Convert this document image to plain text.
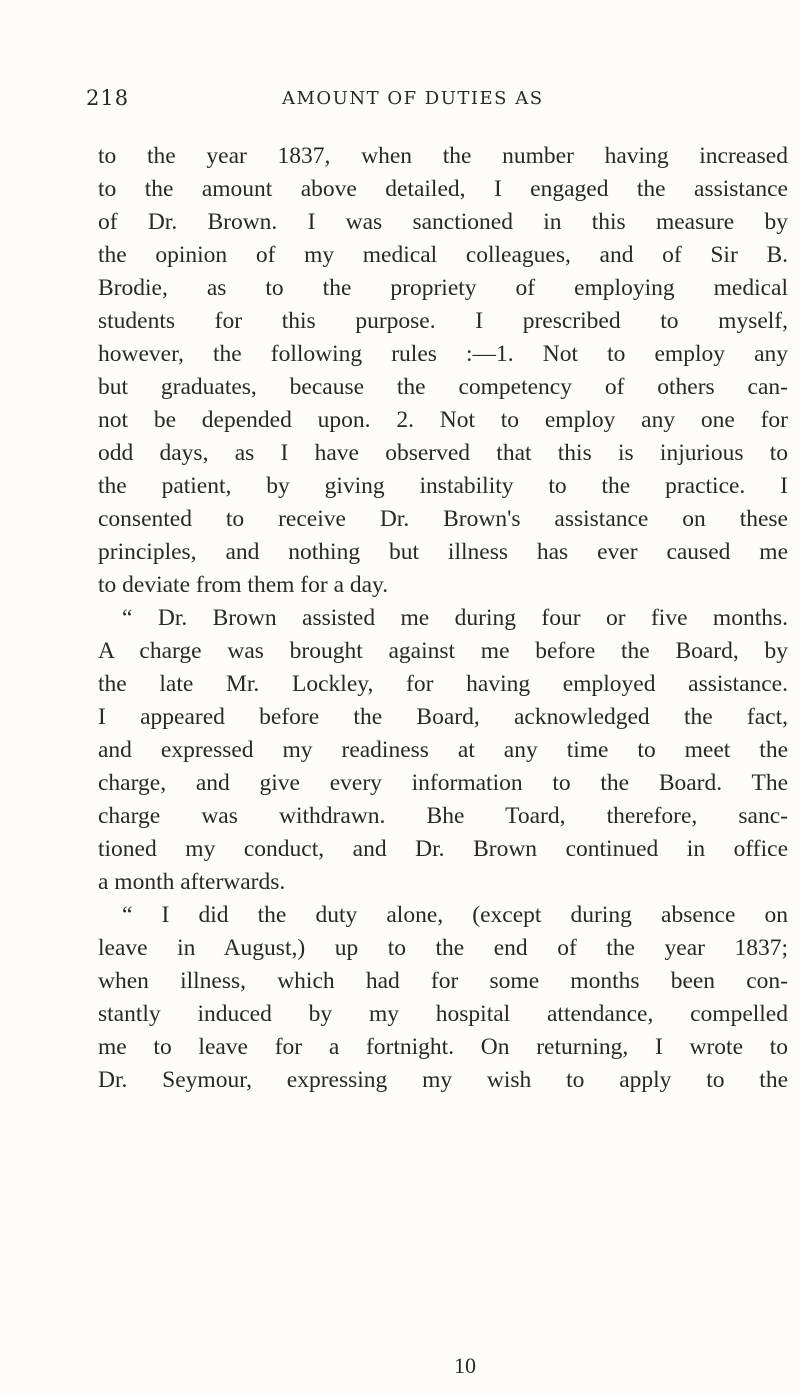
218	AMOUNT OF DUTIES AS
to the year 1837, when the number having increased
to the amount above detailed, I engaged the assistance
of Dr. Brown. I was sanctioned in this measure by
the opinion of my medical colleagues, and of Sir B.
Brodie, as to the propriety of employing medical
students for this purpose. I prescribed to myself,
however, the following rules :—1. Not to employ any
but graduates, because the competency of others can-
not be depended upon. 2. Not to employ any one for
odd days, as I have observed that this is injurious to
the patient, by giving instability to the practice. I
consented to receive Dr. Brown's assistance on these
principles, and nothing but illness has ever caused me
to deviate from them for a day.
“ Dr. Brown assisted me during four or five months.
A charge was brought against me before the Board, by
the late Mr. Lockley, for having employed assistance.
I appeared before the Board, acknowledged the fact,
and expressed my readiness at any time to meet the
charge, and give every information to the Board. The
charge was withdrawn. Bhe Toard, therefore, sanc-
tioned my conduct, and Dr. Brown continued in office
a month afterwards.
“ I did the duty alone, (except during absence on
leave in August,) up to the end of the year 1837;
when illness, which had for some months been con-
stantly induced by my hospital attendance, compelled
me to leave for a fortnight. On returning, I wrote to
Dr. Seymour, expressing my wish to apply to the
10
